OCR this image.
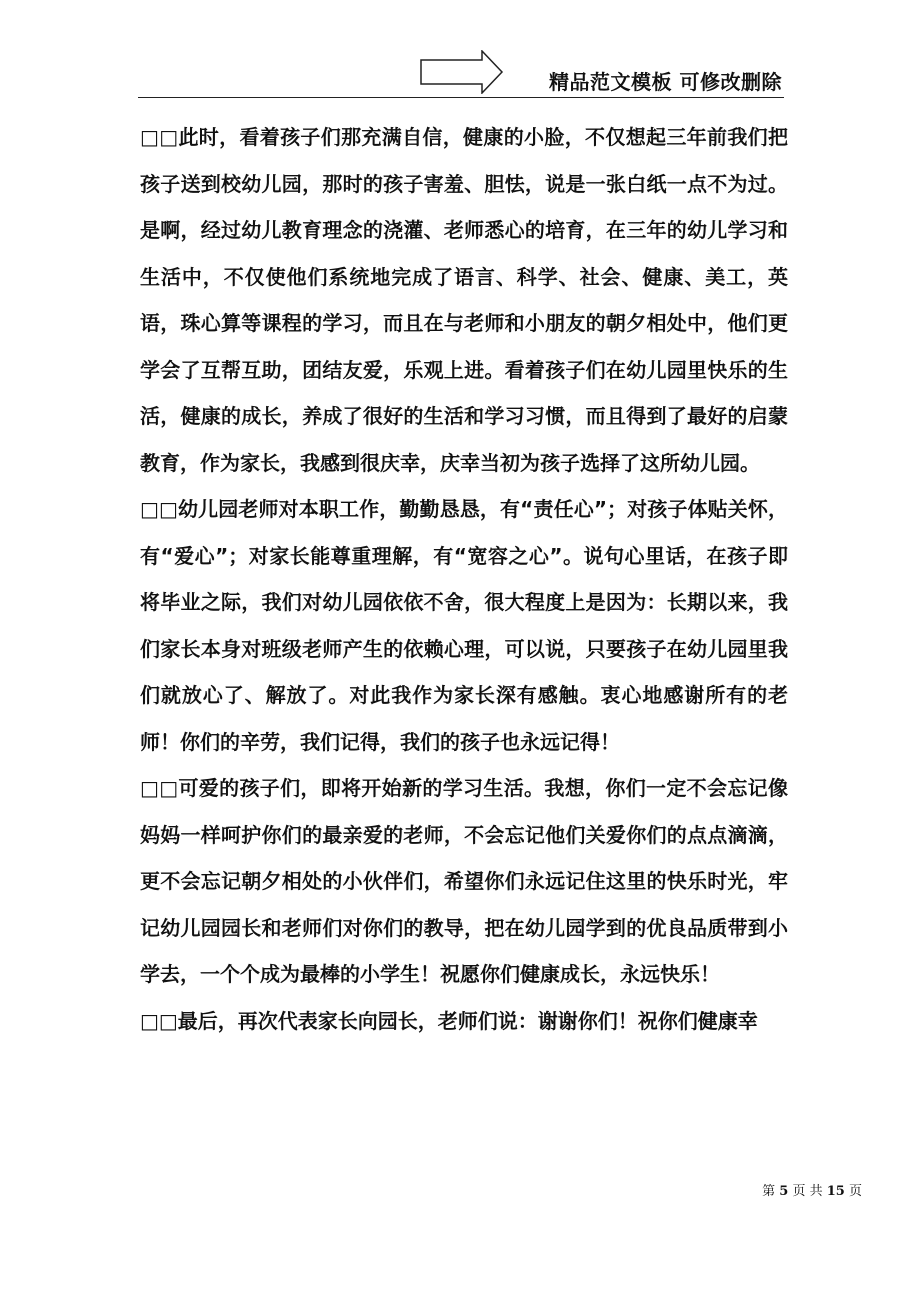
精品范文模板 可修改删除

□□此时，看着孩子们那充满自信，健康的小脸，不仅想起三年前我们把孩子送到校幼儿园，那时的孩子害羞、胆怯，说是一张白纸一点不为过。是啊，经过幼儿教育理念的浇灌、老师悉心的培育，在三年的幼儿学习和生活中，不仅使他们系统地完成了语言、科学、社会、健康、美工，英语，珠心算等课程的学习，而且在与老师和小朋友的朝夕相处中，他们更学会了互帮互助，团结友爱，乐观上进。看着孩子们在幼儿园里快乐的生活，健康的成长，养成了很好的生活和学习习惯，而且得到了最好的启蒙教育，作为家长，我感到很庆幸，庆幸当初为孩子选择了这所幼儿园。

□□幼儿园老师对本职工作，勤勤恳恳，有“责任心”；对孩子体贴关怀，有“爱心”；对家长能尊重理解，有“宽容之心”。说句心里话，在孩子即将毕业之际，我们对幼儿园依依不舍，很大程度上是因为：长期以来，我们家长本身对班级老师产生的依赖心理，可以说，只要孩子在幼儿园里我们就放心了、解放了。对此我作为家长深有感触。衷心地感谢所有的老师！你们的辛劳，我们记得，我们的孩子也永远记得！

□□可爱的孩子们，即将开始新的学习生活。我想，你们一定不会忘记像妈妈一样呵护你们的最亲爱的老师，不会忘记他们关爱你们的点点滴滴，更不会忘记朝夕相处的小伙伴们，希望你们永远记住这里的快乐时光，牢记幼儿园园长和老师们对你们的教导，把在幼儿园学到的优良品质带到小学去，一个个成为最棒的小学生！祝愿你们健康成长，永远快乐！

□□最后，再次代表家长向园长，老师们说：谢谢你们！祝你们健康幸

第 5 页 共 15 页
